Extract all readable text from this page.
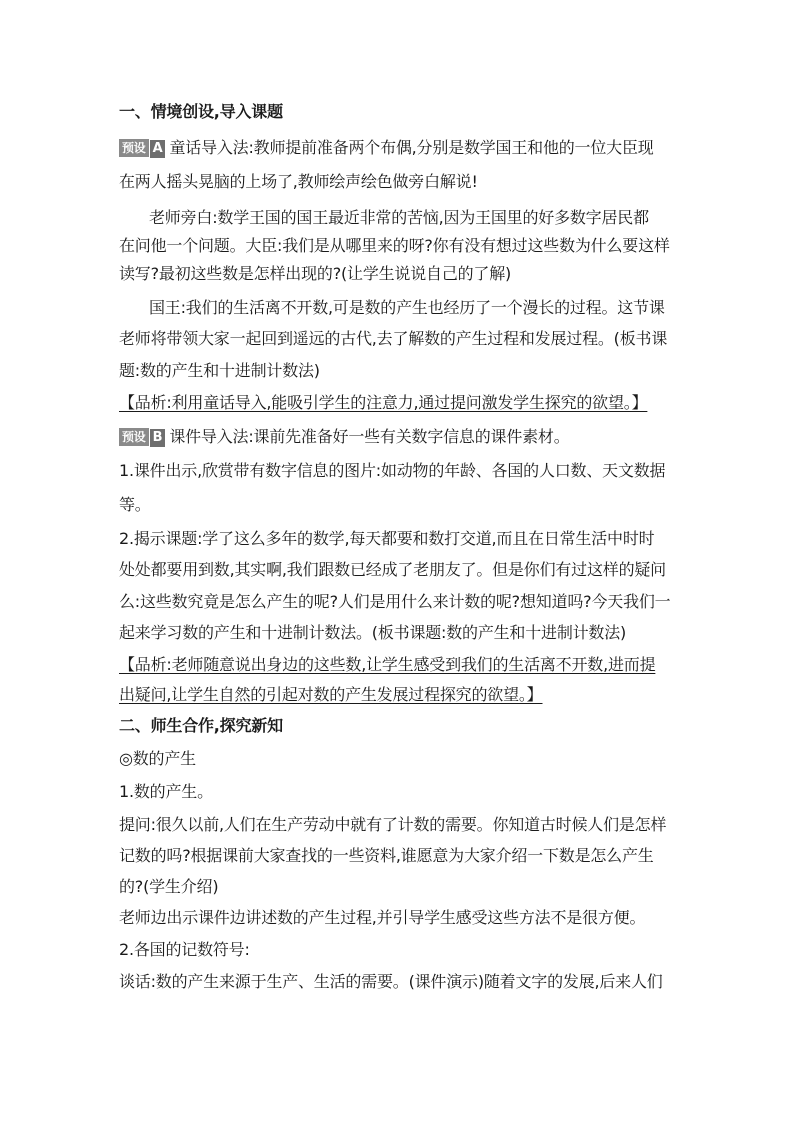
一、情境创设,导入课题
预设 A 童话导入法:教师提前准备两个布偶,分别是数学国王和他的一位大臣现
在两人摇头晃脑的上场了,教师绘声绘色做旁白解说!
老师旁白:数学王国的国王最近非常的苦恼,因为王国里的好多数字居民都
在问他一个问题。大臣:我们是从哪里来的呀?你有没有想过这些数为什么要这样
读写?最初这些数是怎样出现的?(让学生说说自己的了解)
国王:我们的生活离不开数,可是数的产生也经历了一个漫长的过程。这节课
老师将带领大家一起回到遥远的古代,去了解数的产生过程和发展过程。(板书课
题:数的产生和十进制计数法)
【品析:利用童话导入,能吸引学生的注意力,通过提问激发学生探究的欲望。】
预设 B 课件导入法:课前先准备好一些有关数字信息的课件素材。
1.课件出示,欣赏带有数字信息的图片:如动物的年龄、各国的人口数、天文数据
等。
2.揭示课题:学了这么多年的数学,每天都要和数打交道,而且在日常生活中时时
处处都要用到数,其实啊,我们跟数已经成了老朋友了。但是你们有过这样的疑问
么:这些数究竟是怎么产生的呢?人们是用什么来计数的呢?想知道吗?今天我们一
起来学习数的产生和十进制计数法。(板书课题:数的产生和十进制计数法)
【品析:老师随意说出身边的这些数,让学生感受到我们的生活离不开数,进而提
出疑问,让学生自然的引起对数的产生发展过程探究的欲望。】
二、师生合作,探究新知
◎数的产生
1.数的产生。
提问:很久以前,人们在生产劳动中就有了计数的需要。你知道古时候人们是怎样
记数的吗?根据课前大家查找的一些资料,谁愿意为大家介绍一下数是怎么产生
的?(学生介绍)
老师边出示课件边讲述数的产生过程,并引导学生感受这些方法不是很方便。
2.各国的记数符号:
谈话:数的产生来源于生产、生活的需要。(课件演示)随着文字的发展,后来人们
